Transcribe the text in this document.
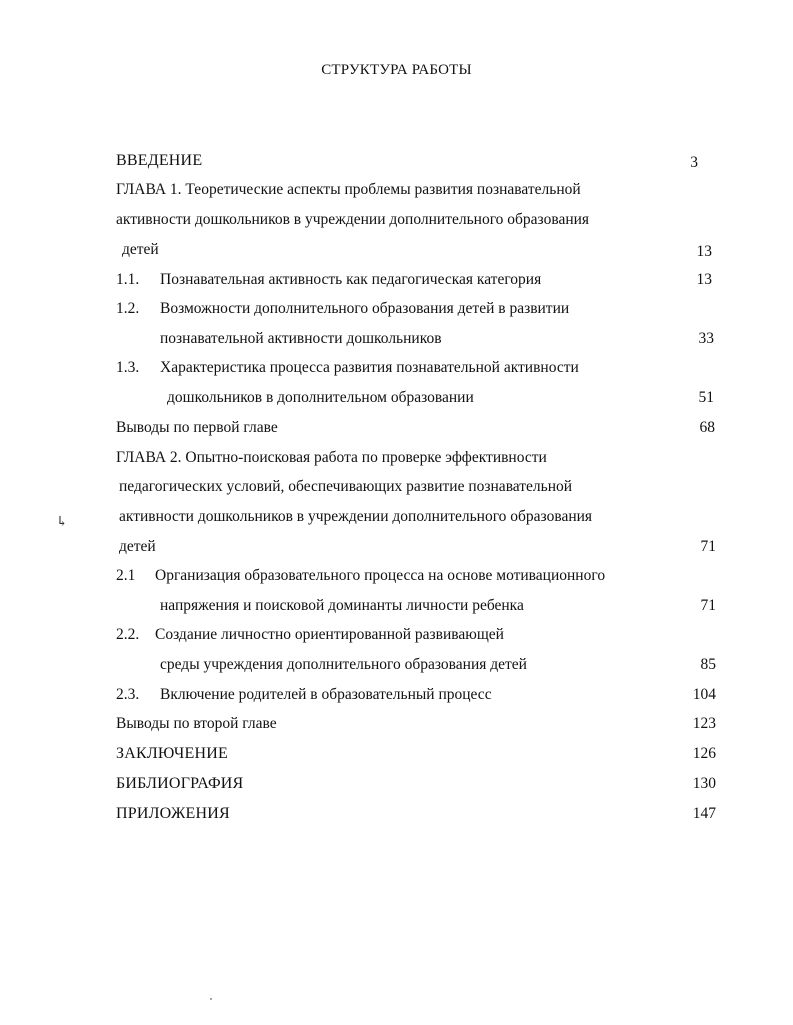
СТРУКТУРА РАБОТЫ
ВВЕДЕНИЕ	3
ГЛАВА 1. Теоретические аспекты проблемы развития познавательной
активности дошкольников в учреждении дополнительного образования
детей	13
1.1. Познавательная активность как педагогическая категория	13
1.2. Возможности дополнительного образования детей в развитии
познавательной активности дошкольников	33
1.3. Характеристика процесса развития познавательной активности
дошкольников в дополнительном образовании	51
Выводы по первой главе	68
ГЛАВА 2. Опытно-поисковая работа по проверке эффективности
педагогических условий, обеспечивающих развитие познавательной
активности дошкольников в учреждении дополнительного образования
детей	71
2.1 Организация образовательного процесса на основе мотивационного
напряжения и поисковой доминанты личности ребенка	71
2.2. Создание личностно ориентированной развивающей
среды учреждения дополнительного образования детей	85
2.3. Включение родителей в образовательный процесс	104
Выводы по второй главе	123
ЗАКЛЮЧЕНИЕ	126
БИБЛИОГРАФИЯ	130
ПРИЛОЖЕНИЯ	147
↳
